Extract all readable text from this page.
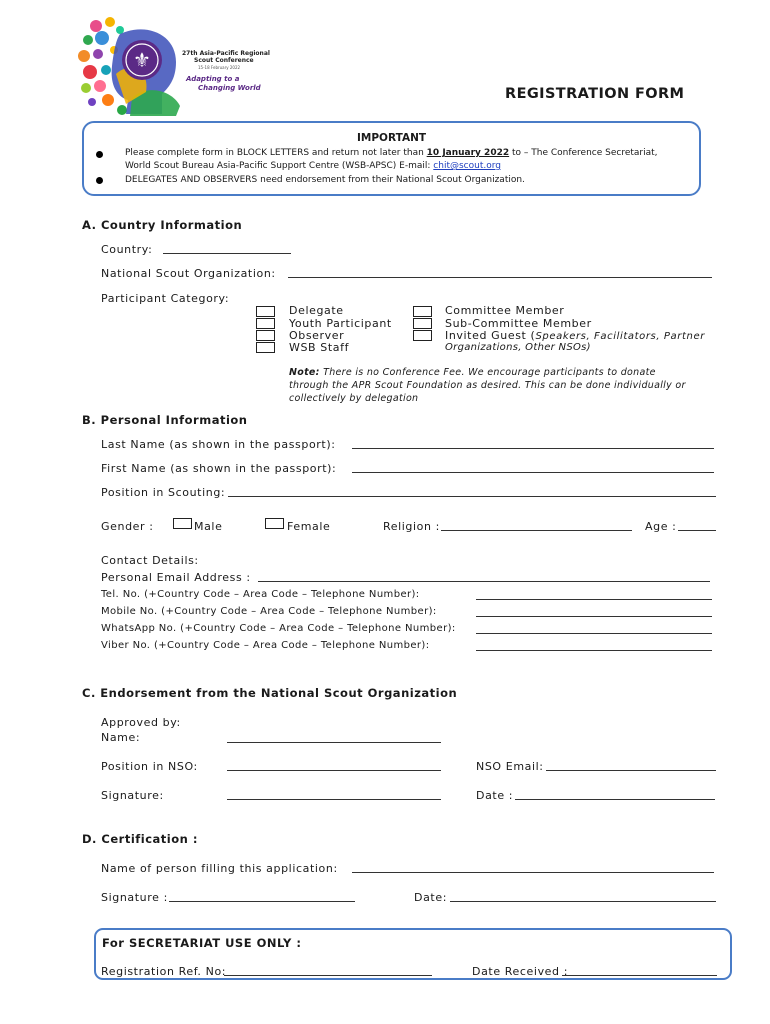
⚜	27th Asia-Pacific Regional
Scout Conference
15-18 February 2022
Adapting to a
Changing World	REGISTRATION FORM
IMPORTANT
Please complete form in BLOCK LETTERS and return not later than 10 January 2022 to – The Conference Secretariat,
World Scout Bureau Asia-Pacific Support Centre (WSB-APSC) E-mail: chit@scout.org
DELEGATES AND OBSERVERS need endorsement from their National Scout Organization.
A. Country Information
Country:
National Scout Organization:
Participant Category:
Delegate
Youth Participant
Observer
WSB Staff
Committee Member
Sub-Committee Member
Invited Guest (Speakers, Facilitators, Partner
Organizations, Other NSOs)
Note: There is no Conference Fee. We encourage participants to donate
through the APR Scout Foundation as desired. This can be done individually or
collectively by delegation
B. Personal Information
Last Name (as shown in the passport):
First Name (as shown in the passport):
Position in Scouting:
Gender :	Male	Female	Religion :	Age :
Contact Details:
Personal Email Address :
Tel. No. (+Country Code – Area Code – Telephone Number):
Mobile No. (+Country Code – Area Code – Telephone Number):
WhatsApp No. (+Country Code – Area Code – Telephone Number):
Viber No. (+Country Code – Area Code – Telephone Number):
C. Endorsement from the National Scout Organization
Approved by:
Name:
Position in NSO:	NSO Email:
Signature:	Date :
D. Certification :
Name of person filling this application:
Signature :	Date:
For SECRETARIAT USE ONLY :
Registration Ref. No:	Date Received :
